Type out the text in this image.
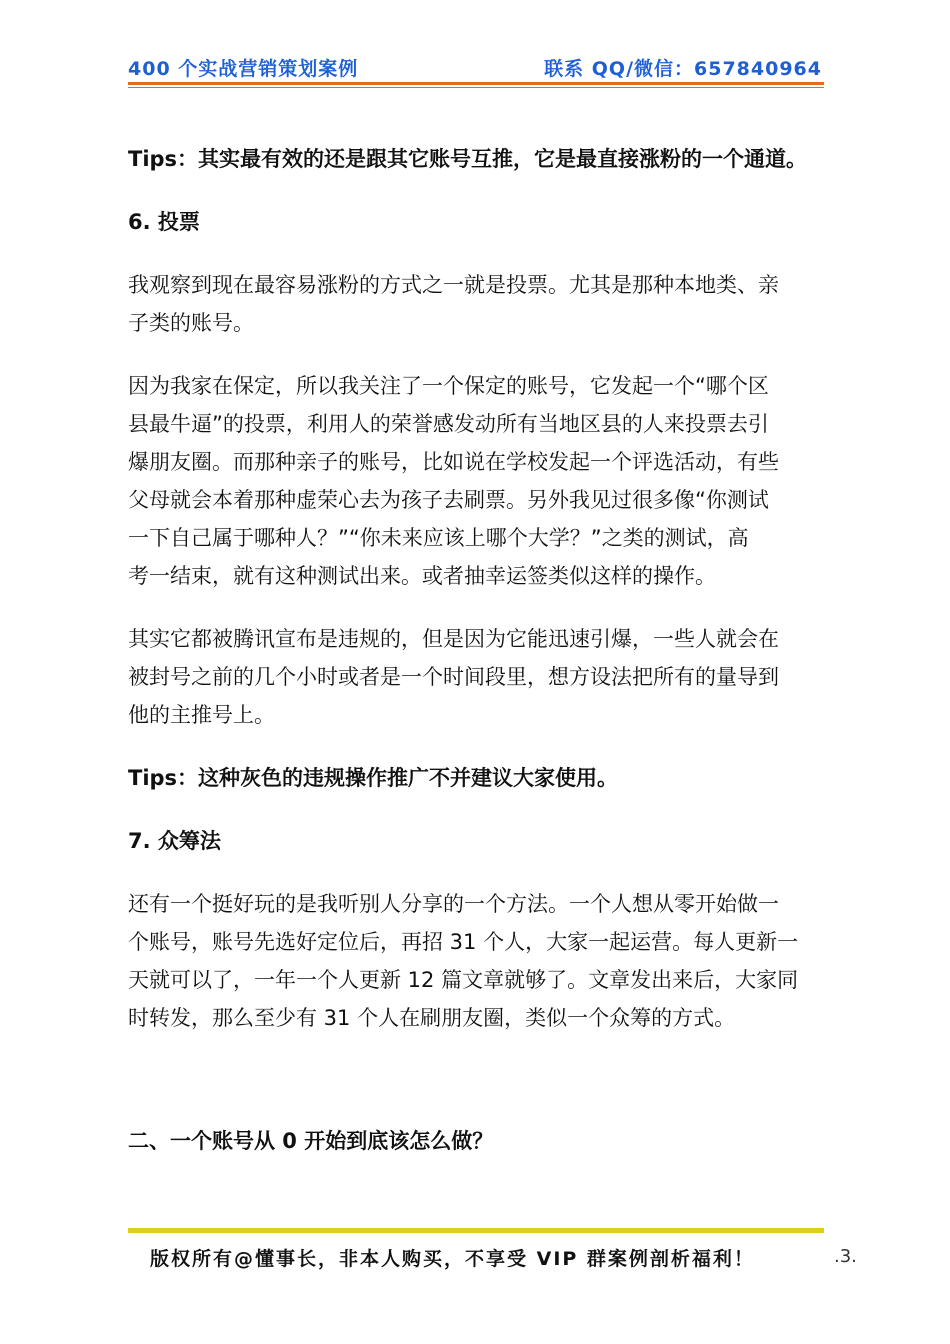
400 个实战营销策划案例	联系 QQ/微信：657840964

Tips：其实最有效的还是跟其它账号互推，它是最直接涨粉的一个通道。

6. 投票

我观察到现在最容易涨粉的方式之一就是投票。尤其是那种本地类、亲
子类的账号。

因为我家在保定，所以我关注了一个保定的账号，它发起一个“哪个区
县最牛逼”的投票，利用人的荣誉感发动所有当地区县的人来投票去引
爆朋友圈。而那种亲子的账号，比如说在学校发起一个评选活动，有些
父母就会本着那种虚荣心去为孩子去刷票。另外我见过很多像“你测试
一下自己属于哪种人？”“你未来应该上哪个大学？”之类的测试，高
考一结束，就有这种测试出来。或者抽幸运签类似这样的操作。

其实它都被腾讯宣布是违规的，但是因为它能迅速引爆，一些人就会在
被封号之前的几个小时或者是一个时间段里，想方设法把所有的量导到
他的主推号上。

Tips：这种灰色的违规操作推广不并建议大家使用。

7. 众筹法

还有一个挺好玩的是我听别人分享的一个方法。一个人想从零开始做一
个账号，账号先选好定位后，再招 31 个人，大家一起运营。每人更新一
天就可以了，一年一个人更新 12 篇文章就够了。文章发出来后，大家同
时转发，那么至少有 31 个人在刷朋友圈，类似一个众筹的方式。

二、一个账号从 0 开始到底该怎么做？

版权所有@懂事长，非本人购买，不享受 VIP 群案例剖析福利！	.3.
